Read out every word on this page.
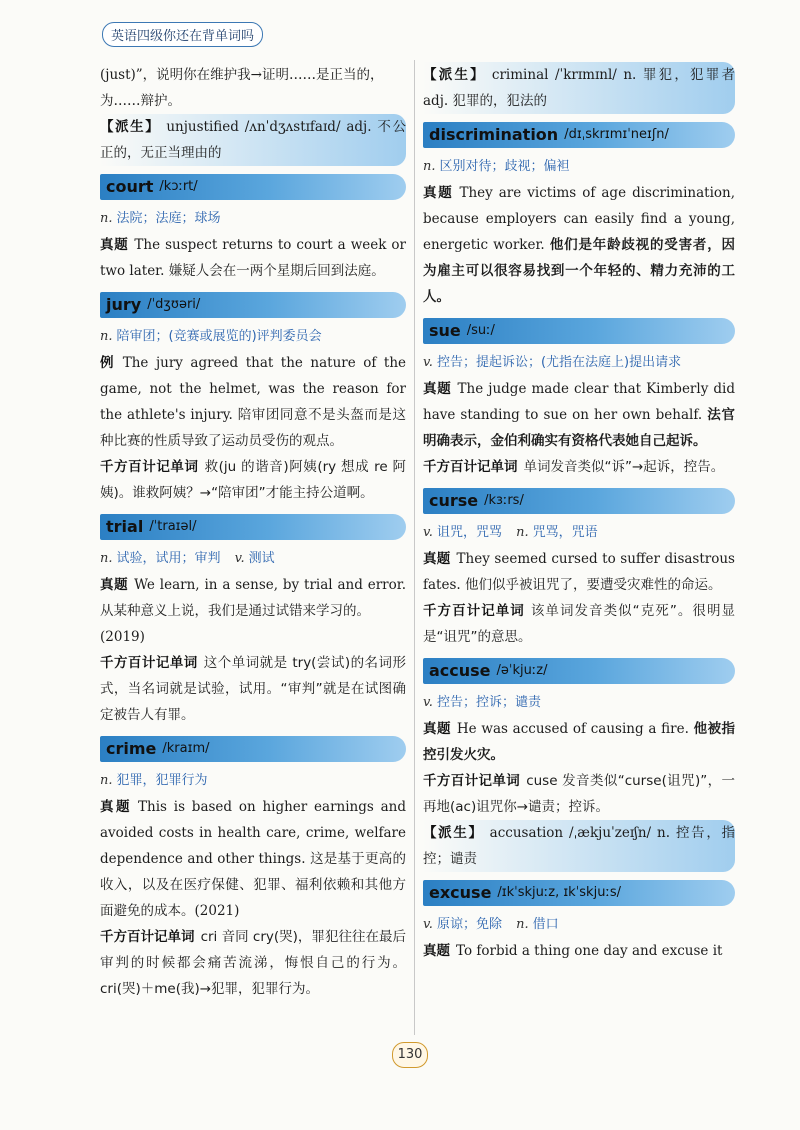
英语四级你还在背单词吗
(just)”，说明你在维护我→证明……是正当的，
为……辩护。
【派生】 unjustified /ʌnˈdʒʌstɪfaɪd/ adj. 不公正的，无正当理由的
court /kɔːrt/
n. 法院；法庭；球场
真题 The suspect returns to court a week or two later. 嫌疑人会在一两个星期后回到法庭。
jury /ˈdʒʊəri/
n. 陪审团；(竞赛或展览的)评判委员会
例 The jury agreed that the nature of the game, not the helmet, was the reason for the athlete's injury. 陪审团同意不是头盔而是这种比赛的性质导致了运动员受伤的观点。
千方百计记单词 救(ju 的谐音)阿姨(ry 想成 re 阿姨)。谁救阿姨？→“陪审团”才能主持公道啊。
trial /ˈtraɪəl/
n. 试验，试用；审判 v. 测试
真题 We learn, in a sense, by trial and error. 从某种意义上说，我们是通过试错来学习的。
(2019)
千方百计记单词 这个单词就是 try(尝试)的名词形式，当名词就是试验，试用。“审判”就是在试图确定被告人有罪。
crime /kraɪm/
n. 犯罪，犯罪行为
真题 This is based on higher earnings and avoided costs in health care, crime, welfare dependence and other things. 这是基于更高的收入，以及在医疗保健、犯罪、福利依赖和其他方面避免的成本。(2021)
千方百计记单词 cri 音同 cry(哭)，罪犯往往在最后审判的时候都会痛苦流涕，悔恨自己的行为。cri(哭)＋me(我)→犯罪，犯罪行为。
【派生】 criminal /ˈkrɪmɪnl/ n. 罪犯，犯罪者 adj. 犯罪的，犯法的
discrimination /dɪˌskrɪmɪˈneɪʃn/
n. 区别对待；歧视；偏袒
真题 They are victims of age discrimination, because employers can easily find a young, energetic worker. 他们是年龄歧视的受害者，因为雇主可以很容易找到一个年轻的、精力充沛的工人。
sue /suː/
v. 控告；提起诉讼；(尤指在法庭上)提出请求
真题 The judge made clear that Kimberly did have standing to sue on her own behalf. 法官明确表示，金伯利确实有资格代表她自己起诉。
千方百计记单词 单词发音类似“诉”→起诉，控告。
curse /kɜːrs/
v. 诅咒，咒骂 n. 咒骂，咒语
真题 They seemed cursed to suffer disastrous fates. 他们似乎被诅咒了，要遭受灾难性的命运。
千方百计记单词 该单词发音类似“克死”。很明显是“诅咒”的意思。
accuse /əˈkjuːz/
v. 控告；控诉；谴责
真题 He was accused of causing a fire. 他被指控引发火灾。
千方百计记单词 cuse 发音类似“curse(诅咒)”，一再地(ac)诅咒你→谴责；控诉。
【派生】 accusation /ˌækjuˈzeɪʃn/ n. 控告，指控；谴责
excuse /ɪkˈskjuːz, ɪkˈskjuːs/
v. 原谅；免除 n. 借口
真题 To forbid a thing one day and excuse it
130
